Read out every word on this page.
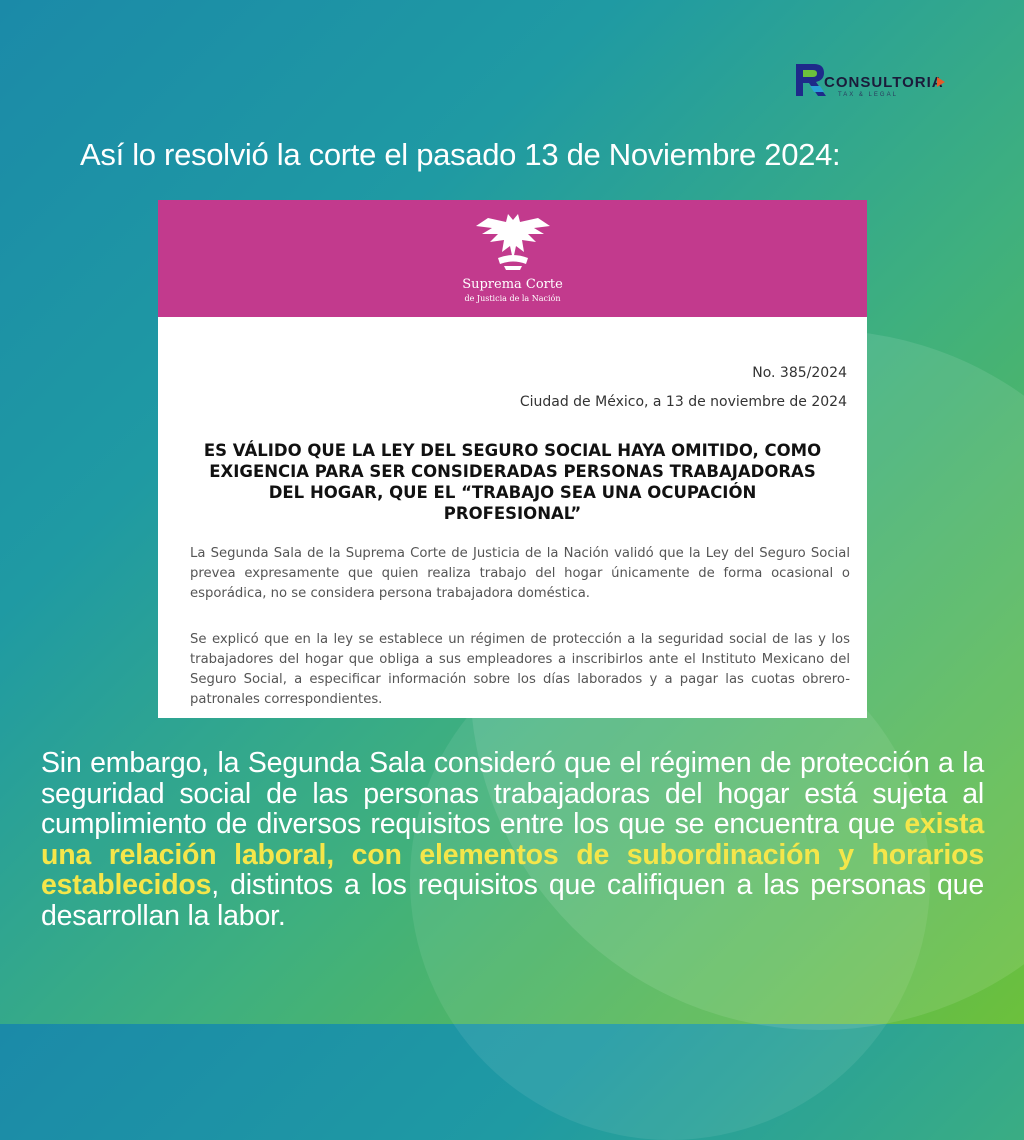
CONSULTORIA
TAX & LEGAL
Así lo resolvió la corte el pasado 13 de Noviembre 2024:
Suprema Corte
de Justicia de la Nación
No. 385/2024
Ciudad de México, a 13 de noviembre de 2024
ES VÁLIDO QUE LA LEY DEL SEGURO SOCIAL HAYA OMITIDO, COMO EXIGENCIA PARA SER CONSIDERADAS PERSONAS TRABAJADORAS DEL HOGAR, QUE EL “TRABAJO SEA UNA OCUPACIÓN PROFESIONAL”
La Segunda Sala de la Suprema Corte de Justicia de la Nación validó que la Ley del Seguro Social prevea expresamente que quien realiza trabajo del hogar únicamente de forma ocasional o esporádica, no se considera persona trabajadora doméstica.
Se explicó que en la ley se establece un régimen de protección a la seguridad social de las y los trabajadores del hogar que obliga a sus empleadores a inscribirlos ante el Instituto Mexicano del Seguro Social, a especificar información sobre los días laborados y a pagar las cuotas obrero-patronales correspondientes.
Sin embargo, la Segunda Sala consideró que el régimen de protección a la seguridad social de las personas trabajadoras del hogar está sujeta al cumplimiento de diversos requisitos entre los que se encuentra que exista una relación laboral, con elementos de subordinación y horarios establecidos, distintos a los requisitos que califiquen a las personas que desarrollan la labor.
